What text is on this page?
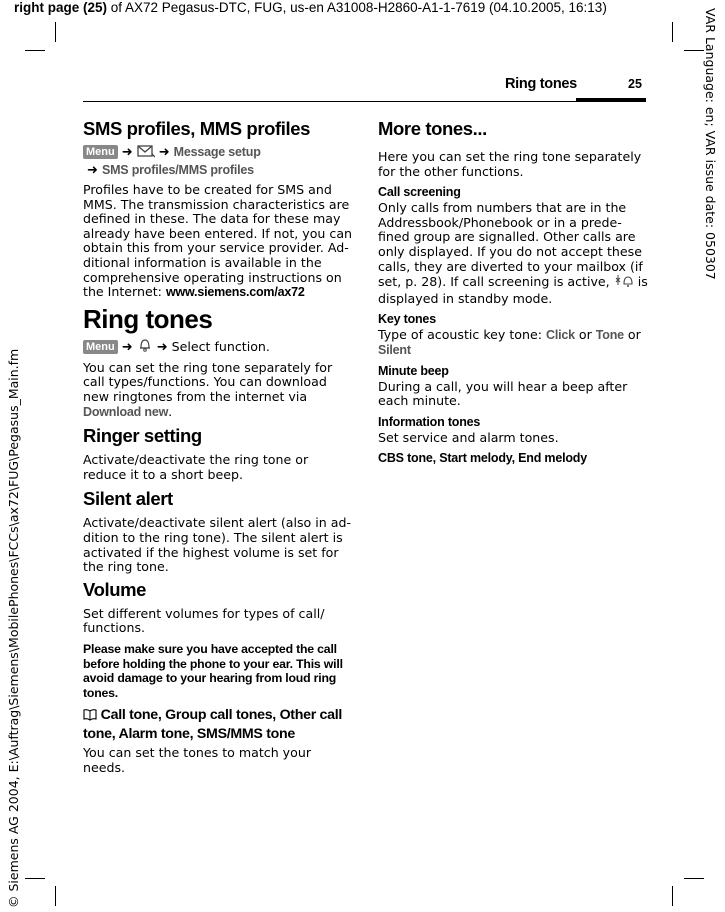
right page (25) of AX72 Pegasus-DTC, FUG, us-en A31008-H2860-A1-1-7619 (04.10.2005, 16:13)
VAR Language: en; VAR issue date: 050307
© Siemens AG 2004, E:\Auftrag\Siemens\MobilePhones\FCCs\ax72\FUG\Pegasus_Main.fm
Ring tones	25
SMS profiles, MMS profiles
Menu ➜ ➜ Message setup
➜ SMS profiles/MMS profiles

Profiles have to be created for SMS and MMS. The transmission characteristics are defined in these. The data for these may already have been entered. If not, you can obtain this from your service provider. Ad-ditional information is available in the comprehensive operating instructions on the Internet: www.siemens.com/ax72

Ring tones
Menu ➜ ➜ Select function.

You can set the ring tone separately for call types/functions. You can download new ringtones from the internet via Download new.

Ringer setting

Activate/deactivate the ring tone or reduce it to a short beep.

Silent alert

Activate/deactivate silent alert (also in ad-dition to the ring tone). The silent alert is activated if the highest volume is set for the ring tone.

Volume

Set different volumes for types of call/ functions.

Please make sure you have accepted the call before holding the phone to your ear. This will avoid damage to your hearing from loud ring tones.
Call tone, Group call tones, Other call tone, Alarm tone, SMS/MMS tone

You can set the tones to match your needs.

More tones...

Here you can set the ring tone separately for the other functions.

Call screening

Only calls from numbers that are in the Addressbook/Phonebook or in a prede-fined group are signalled. Other calls are only displayed. If you do not accept these calls, they are diverted to your mailbox (if set, p. 28). If call screening is active,  is displayed in standby mode.

Key tones

Type of acoustic key tone: Click or Tone or Silent

Minute beep

During a call, you will hear a beep after each minute.

Information tones

Set service and alarm tones.

CBS tone, Start melody, End melody
